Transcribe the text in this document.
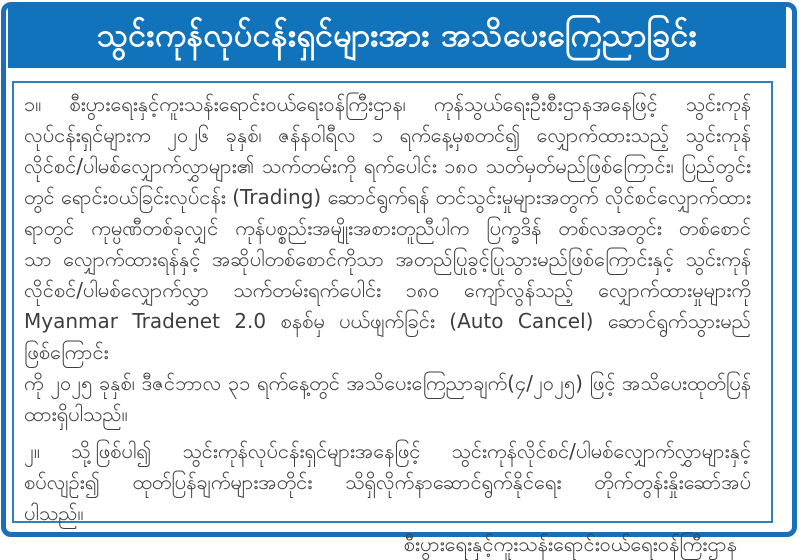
သွင်းကုန်လုပ်ငန်းရှင်များအား အသိပေးကြေညာခြင်း
၁။ စီးပွားရေးနှင့်ကူးသန်းရောင်းဝယ်ရေးဝန်ကြီးဌာန၊ ကုန်သွယ်ရေးဦးစီးဌာနအနေဖြင့် သွင်းကုန်
လုပ်ငန်းရှင်များက ၂၀၂၆ ခုနှစ်၊ ဇန်နဝါရီလ ၁ ရက်နေ့မှစတင်၍ လျှောက်ထားသည့် သွင်းကုန်
လိုင်စင်/ပါမစ်လျှောက်လွှာများ၏ သက်တမ်းကို ရက်ပေါင်း ၁၈၀ သတ်မှတ်မည်ဖြစ်ကြောင်း၊ ပြည်တွင်း
တွင် ရောင်းဝယ်ခြင်းလုပ်ငန်း (Trading) ဆောင်ရွက်ရန် တင်သွင်းမှုများအတွက် လိုင်စင်လျှောက်ထား
ရာတွင် ကုမ္ပဏီတစ်ခုလျှင် ကုန်ပစ္စည်းအမျိုးအစားတူညီပါက ပြက္ခဒိန် တစ်လအတွင်း တစ်စောင်
သာ လျှောက်ထားရန်နှင့် အဆိုပါတစ်စောင်ကိုသာ အတည်ပြုခွင့်ပြုသွားမည်ဖြစ်ကြောင်းနှင့် သွင်းကုန်
လိုင်စင်/ပါမစ်လျှောက်လွှာ သက်တမ်းရက်ပေါင်း ၁၈၀ ကျော်လွန်သည့် လျှောက်ထားမှုများကို
Myanmar Tradenet 2.0 စနစ်မှ ပယ်ဖျက်ခြင်း (Auto Cancel) ဆောင်ရွက်သွားမည်ဖြစ်ကြောင်း
ကို ၂၀၂၅ ခုနှစ်၊ ဒီဇင်ဘာလ ၃၁ ရက်နေ့တွင် အသိပေးကြေညာချက်(၄/၂၀၂၅) ဖြင့် အသိပေးထုတ်ပြန်
ထားရှိပါသည်။
၂။ သို့ဖြစ်ပါ၍ သွင်းကုန်လုပ်ငန်းရှင်များအနေဖြင့် သွင်းကုန်လိုင်စင်/ပါမစ်လျှောက်လွှာများနှင့်
စပ်လျဉ်း၍ ထုတ်ပြန်ချက်များအတိုင်း သိရှိလိုက်နာဆောင်ရွက်နိုင်ရေး တိုက်တွန်းနှိုးဆော်အပ်
ပါသည်။
စီးပွားရေးနှင့်ကူးသန်းရောင်းဝယ်ရေးဝန်ကြီးဌာန
